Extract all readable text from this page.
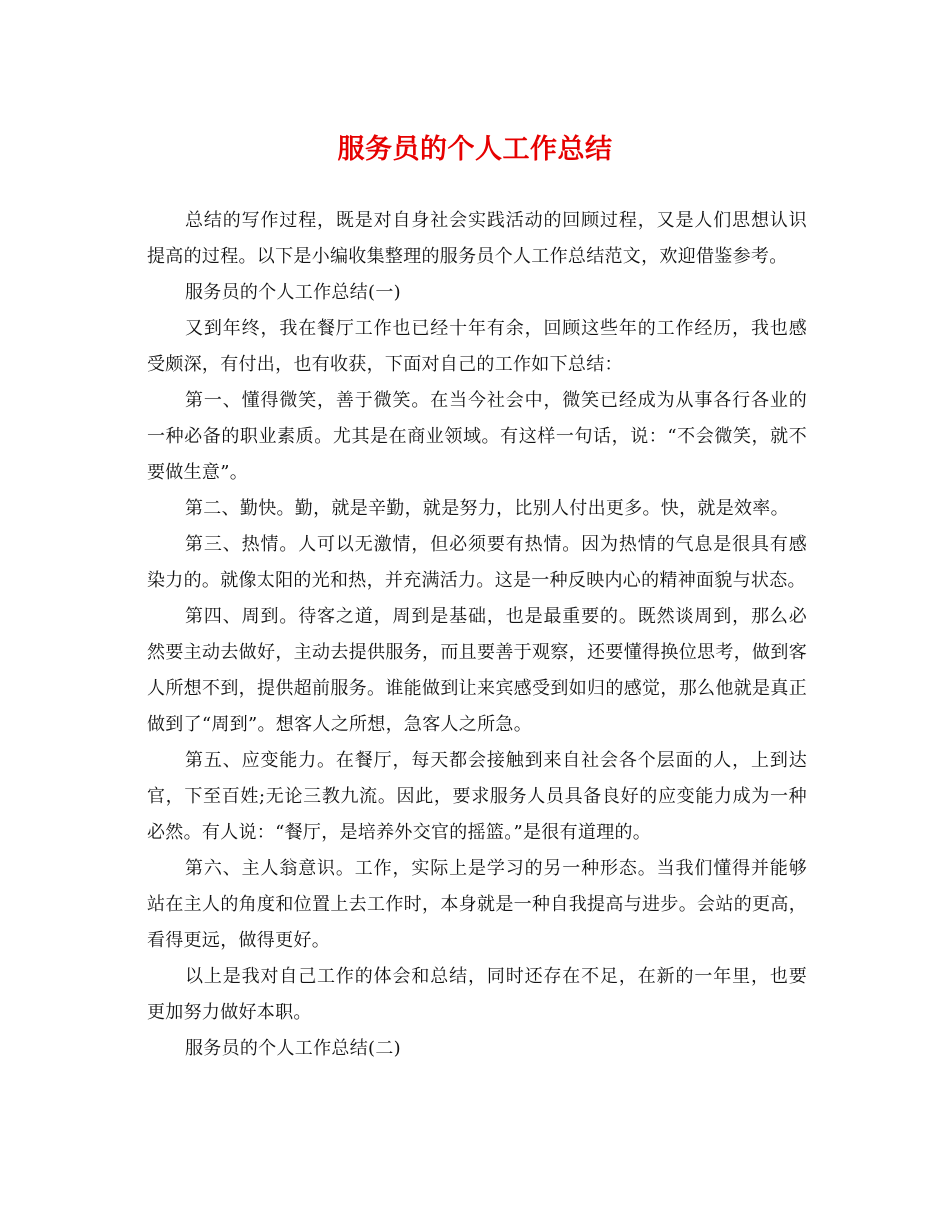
服务员的个人工作总结

总结的写作过程，既是对自身社会实践活动的回顾过程，又是人们思想认识提高的过程。以下是小编收集整理的服务员个人工作总结范文，欢迎借鉴参考。

服务员的个人工作总结(一)

又到年终，我在餐厅工作也已经十年有余，回顾这些年的工作经历，我也感受颇深，有付出，也有收获，下面对自己的工作如下总结：

第一、懂得微笑，善于微笑。在当今社会中，微笑已经成为从事各行各业的一种必备的职业素质。尤其是在商业领域。有这样一句话，说：“不会微笑，就不要做生意”。

第二、勤快。勤，就是辛勤，就是努力，比别人付出更多。快，就是效率。

第三、热情。人可以无激情，但必须要有热情。因为热情的气息是很具有感染力的。就像太阳的光和热，并充满活力。这是一种反映内心的精神面貌与状态。

第四、周到。待客之道，周到是基础，也是最重要的。既然谈周到，那么必然要主动去做好，主动去提供服务，而且要善于观察，还要懂得换位思考，做到客人所想不到，提供超前服务。谁能做到让来宾感受到如归的感觉，那么他就是真正做到了“周到”。想客人之所想，急客人之所急。

第五、应变能力。在餐厅，每天都会接触到来自社会各个层面的人，上到达官，下至百姓;无论三教九流。因此，要求服务人员具备良好的应变能力成为一种必然。有人说：“餐厅，是培养外交官的摇篮。”是很有道理的。

第六、主人翁意识。工作，实际上是学习的另一种形态。当我们懂得并能够站在主人的角度和位置上去工作时，本身就是一种自我提高与进步。会站的更高，看得更远，做得更好。

以上是我对自己工作的体会和总结，同时还存在不足，在新的一年里，也要更加努力做好本职。

服务员的个人工作总结(二)
